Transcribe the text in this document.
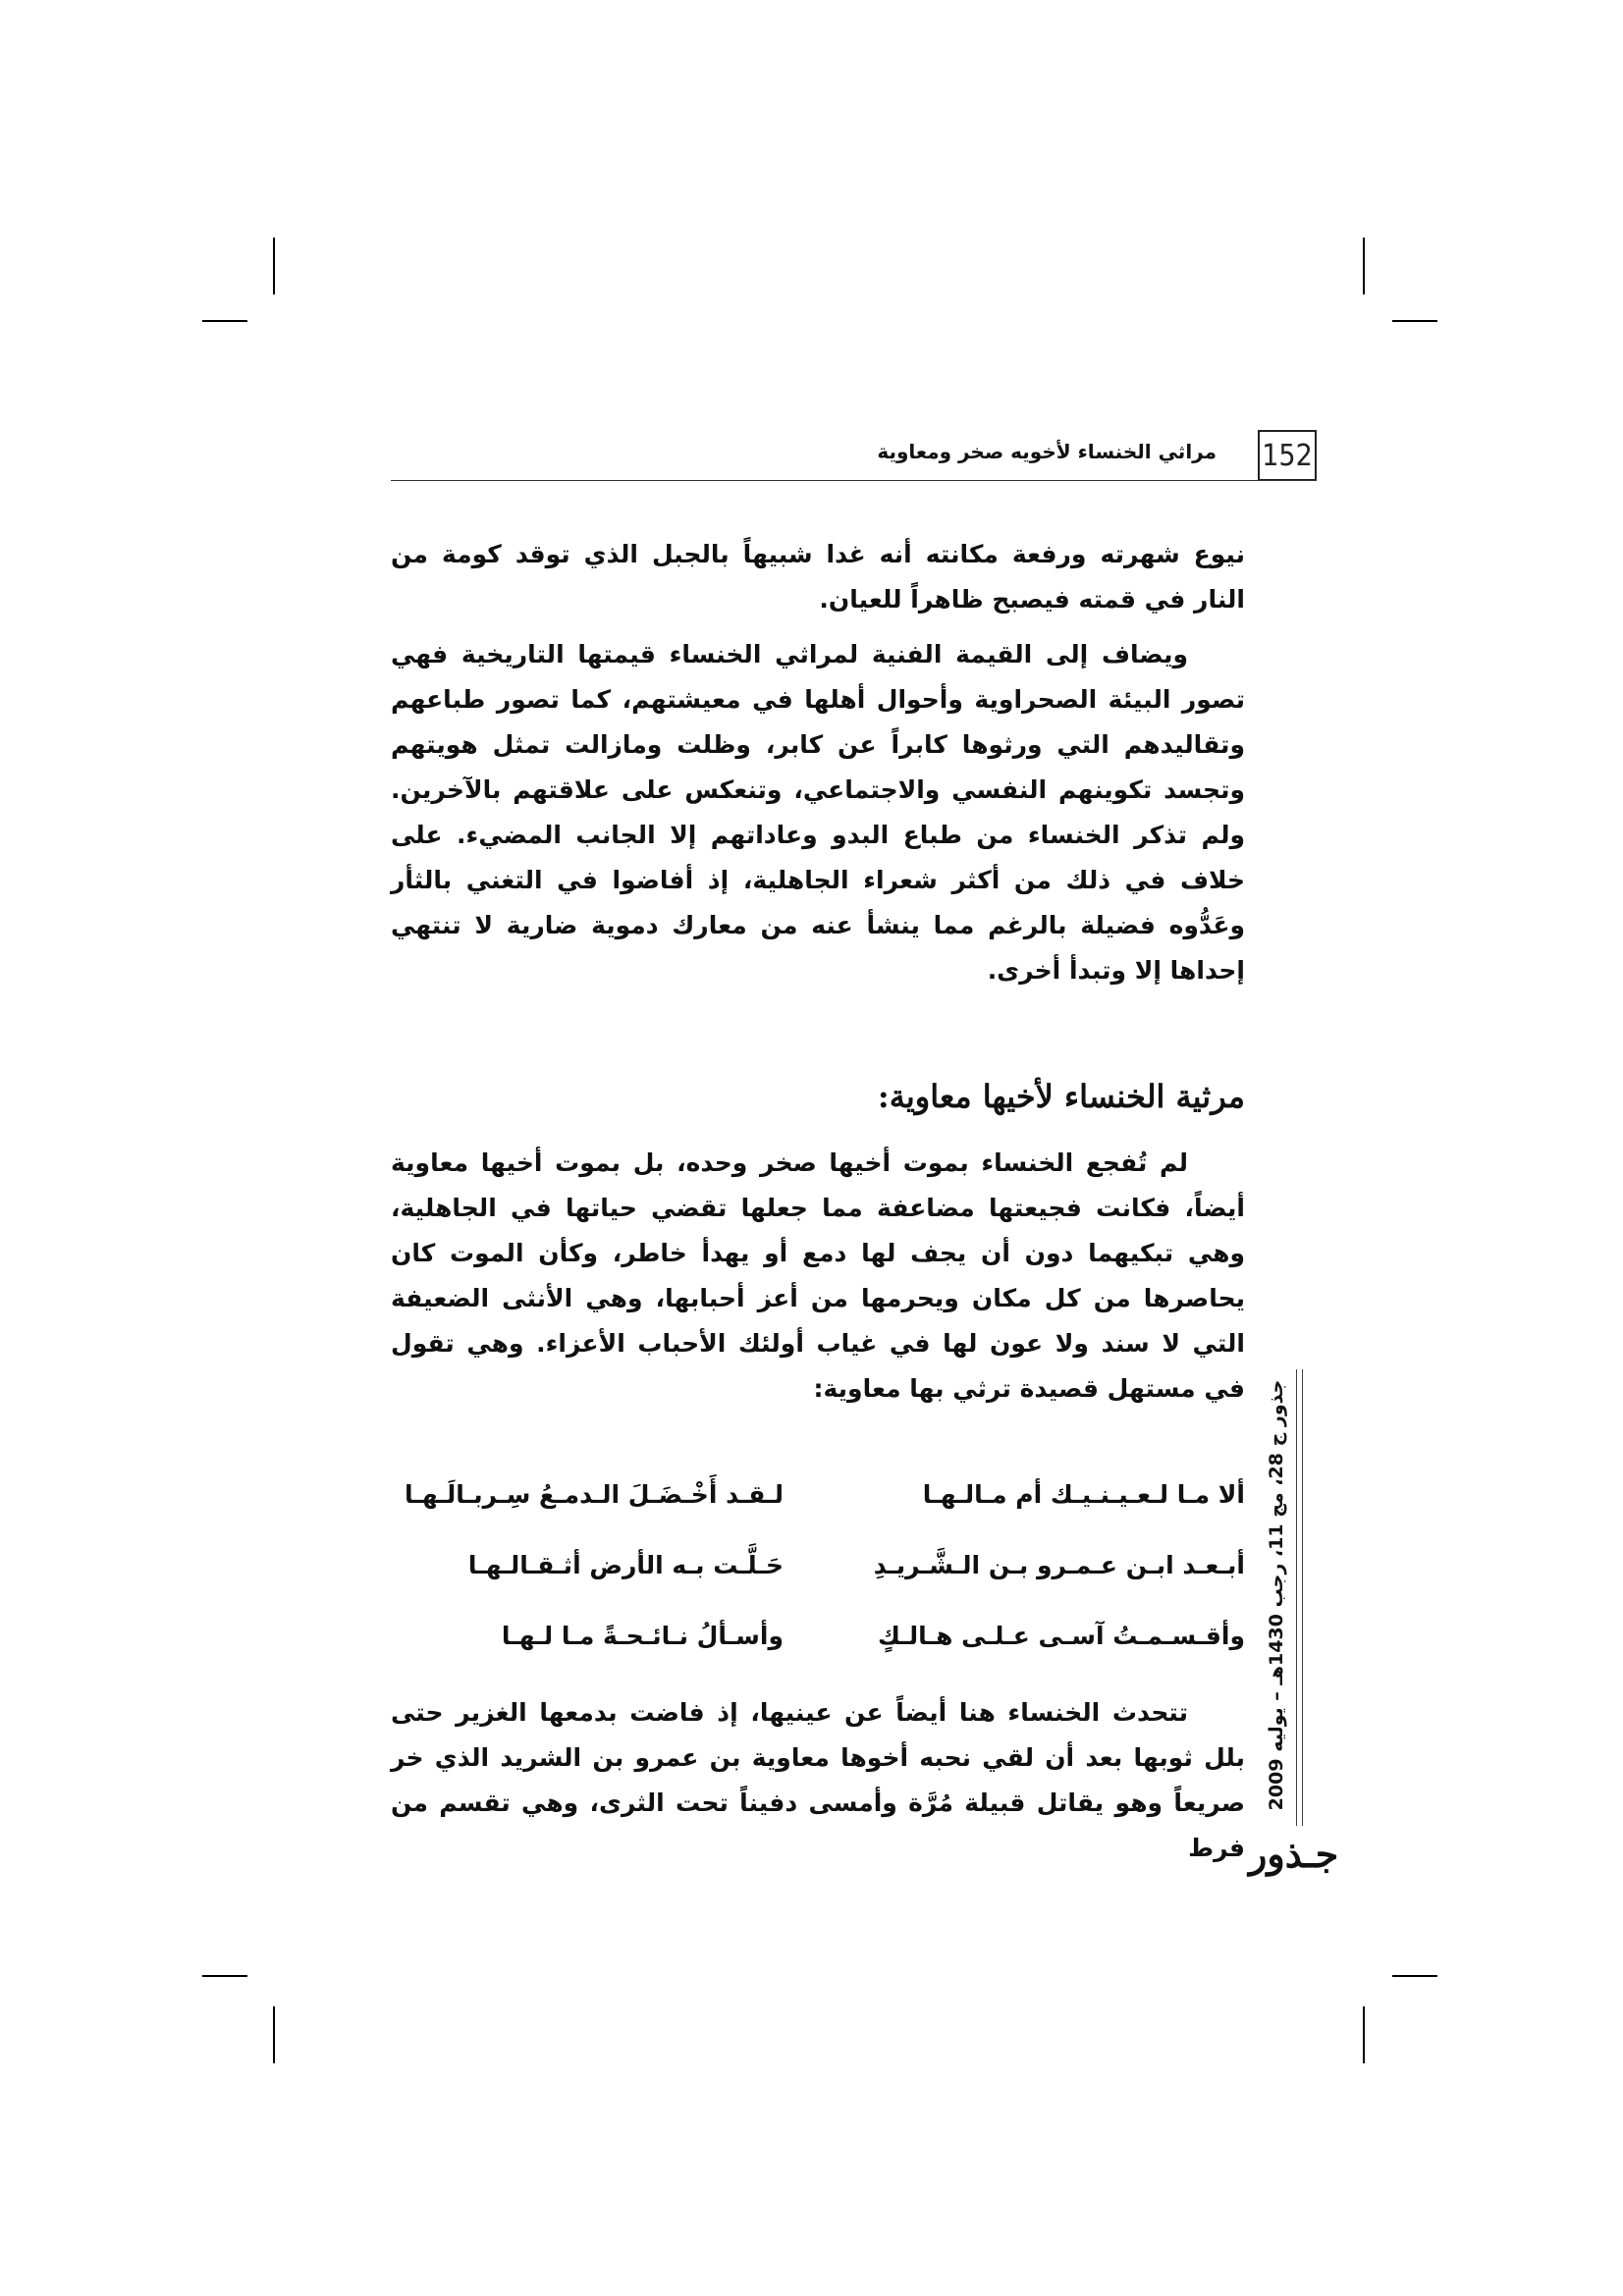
152
مراثي الخنساء لأخويه صخر ومعاوية

نيوع شهرته ورفعة مكانته أنه غدا شبيهاً بالجبل الذي توقد كومة من النار في قمته فيصبح ظاهراً للعيان.

ويضاف إلى القيمة الفنية لمراثي الخنساء قيمتها التاريخية فهي تصور البيئة الصحراوية وأحوال أهلها في معيشتهم، كما تصور طباعهم وتقاليدهم التي ورثوها كابراً عن كابر، وظلت ومازالت تمثل هويتهم وتجسد تكوينهم النفسي والاجتماعي، وتنعكس على علاقتهم بالآخرين. ولم تذكر الخنساء من طباع البدو وعاداتهم إلا الجانب المضيء. على خلاف في ذلك من أكثر شعراء الجاهلية، إذ أفاضوا في التغني بالثأر وعَدُّوه فضيلة بالرغم مما ينشأ عنه من معارك دموية ضارية لا تنتهي إحداها إلا وتبدأ أخرى.

مرثية الخنساء لأخيها معاوية:

لم تُفجع الخنساء بموت أخيها صخر وحده، بل بموت أخيها معاوية أيضاً، فكانت فجيعتها مضاعفة مما جعلها تقضي حياتها في الجاهلية، وهي تبكيهما دون أن يجف لها دمع أو يهدأ خاطر، وكأن الموت كان يحاصرها من كل مكان ويحرمها من أعز أحبابها، وهي الأنثى الضعيفة التي لا سند ولا عون لها في غياب أولئك الأحباب الأعزاء. وهي تقول في مستهل قصيدة ترثي بها معاوية:

ألا مـا لـعـيـنـيـك أم مـالـهـا
لـقـد أَخْـضَـلَ الـدمـعُ سِـربـالَـهـا
أبـعـد ابـن عـمـرو بـن الـشَّـريـدِ
حَـلَّـت بـه الأرض أثـقـالـهـا
وأقـسـمـتُ آسـى عـلـى هـالـكٍ
وأسـألُ نـائـحـةً مـا لـهـا

تتحدث الخنساء هنا أيضاً عن عينيها، إذ فاضت بدمعها الغزير حتى بلل ثوبها بعد أن لقي نحبه أخوها معاوية بن عمرو بن الشريد الذي خر صريعاً وهو يقاتل قبيلة مُرَّة وأمسى دفيناً تحت الثرى، وهي تقسم من فرط

جذور ج 28، مج 11، رجب 1430هـ – يوليه 2009
جـذور
